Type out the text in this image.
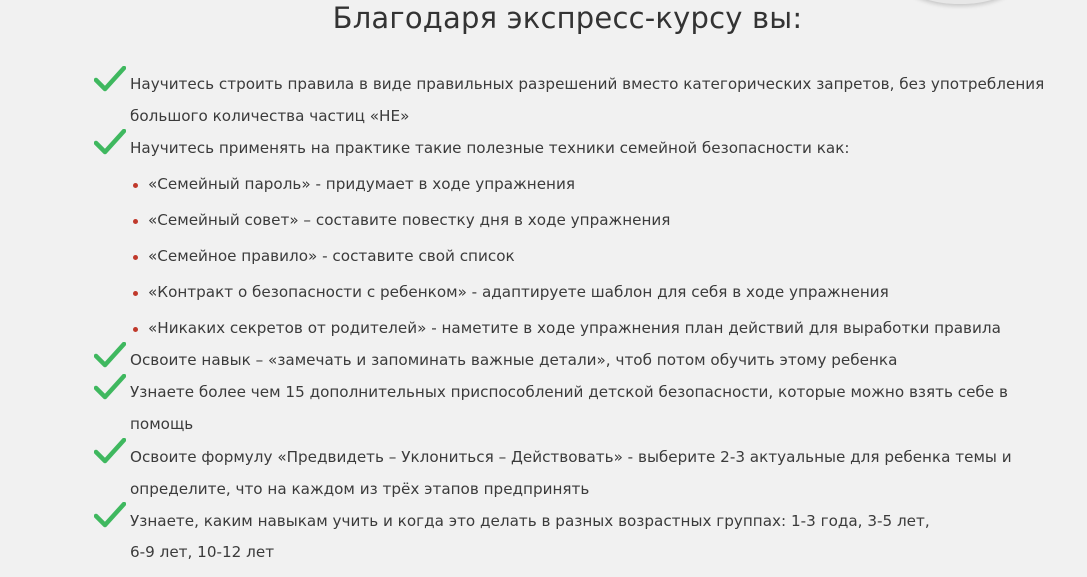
Благодаря экспресс-курсу вы:
Научитесь строить правила в виде правильных разрешений вместо категорических запретов, без употребления
большого количества частиц «НЕ»
Научитесь применять на практике такие полезные техники семейной безопасности как:
«Семейный пароль» - придумает в ходе упражнения
«Семейный совет» – составите повестку дня в ходе упражнения
«Семейное правило» - составите свой список
«Контракт о безопасности с ребенком» - адаптируете шаблон для себя в ходе упражнения
«Никаких секретов от родителей» - наметите в ходе упражнения план действий для выработки правила
Освоите навык – «замечать и запоминать важные детали», чтоб потом обучить этому ребенка
Узнаете более чем 15 дополнительных приспособлений детской безопасности, которые можно взять себе в
помощь
Освоите формулу «Предвидеть – Уклониться – Действовать» - выберите 2-3 актуальные для ребенка темы и
определите, что на каждом из трёх этапов предпринять
Узнаете, каким навыкам учить и когда это делать в разных возрастных группах: 1-3 года, 3-5 лет,
6-9 лет, 10-12 лет
